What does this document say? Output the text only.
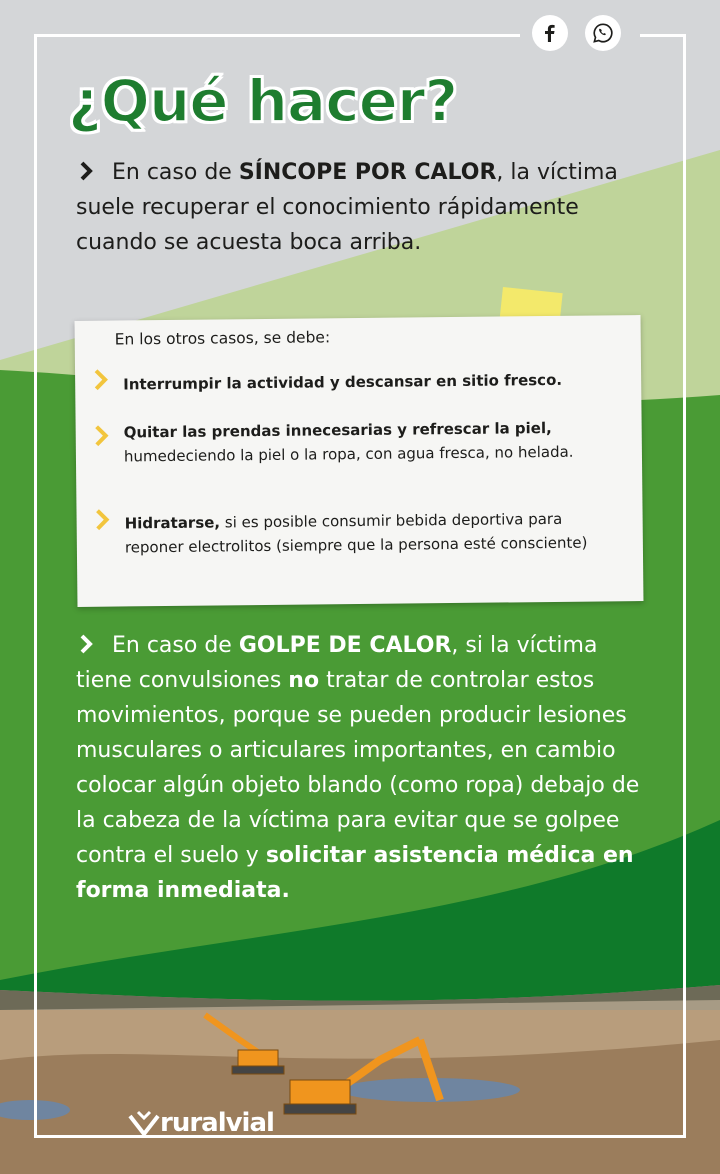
¿Qué hacer?

En caso de SÍNCOPE POR CALOR, la víctima suele recuperar el conocimiento rápidamente cuando se acuesta boca arriba.

En los otros casos, se debe:

Interrumpir la actividad y descansar en sitio fresco.

Quitar las prendas innecesarias y refrescar la piel, humedeciendo la piel o la ropa, con agua fresca, no helada.

Hidratarse, si es posible consumir bebida deportiva para reponer electrolitos (siempre que la persona esté consciente)

En caso de GOLPE DE CALOR, si la víctima tiene convulsiones no tratar de controlar estos movimientos, porque se pueden producir lesiones musculares o articulares importantes, en cambio colocar algún objeto blando (como ropa) debajo de la cabeza de la víctima para evitar que se golpee contra el suelo y solicitar asistencia médica en forma inmediata.

ruralvial
